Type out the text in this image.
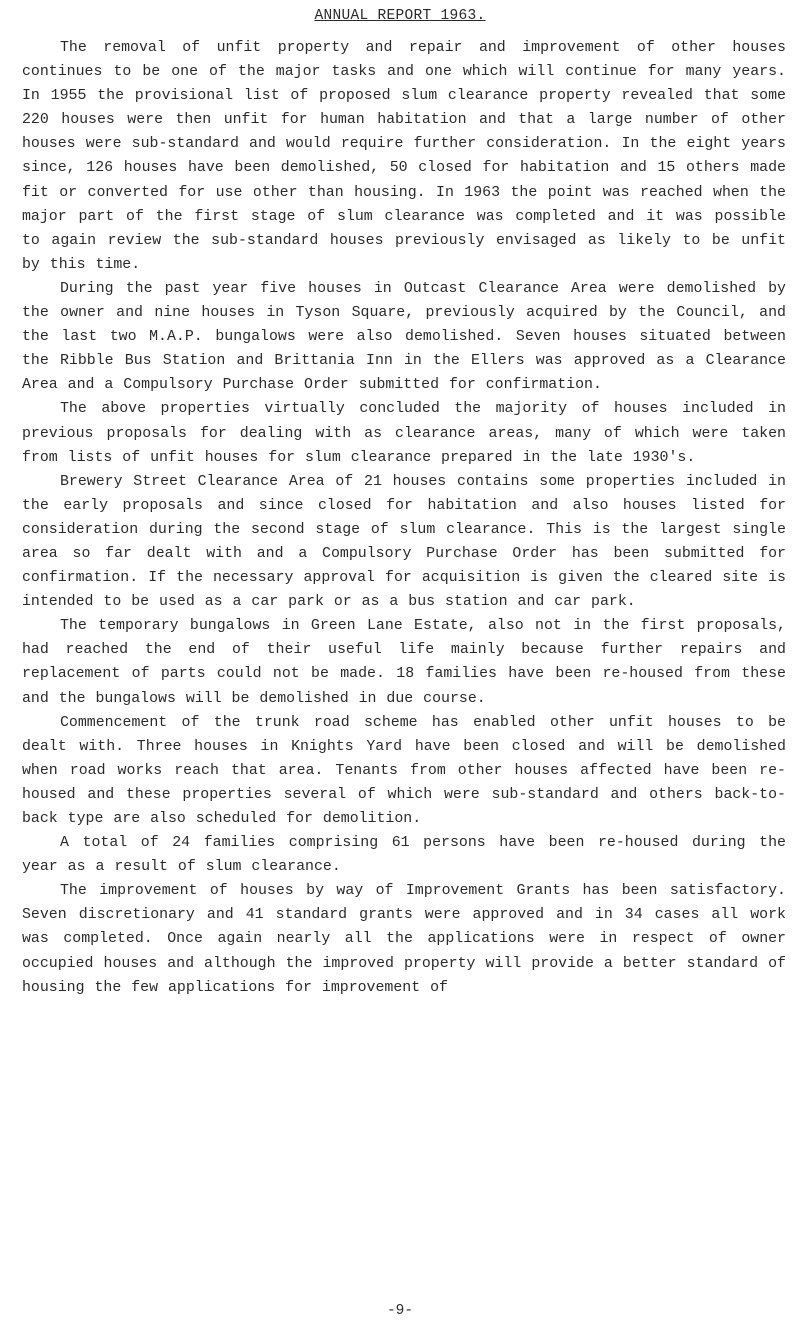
ANNUAL REPORT 1963.

The removal of unfit property and repair and improvement of other houses continues to be one of the major tasks and one which will continue for many years. In 1955 the provisional list of proposed slum clearance property revealed that some 220 houses were then unfit for human habitation and that a large number of other houses were sub-standard and would require further consideration. In the eight years since, 126 houses have been demolished, 50 closed for habitation and 15 others made fit or converted for use other than housing. In 1963 the point was reached when the major part of the first stage of slum clearance was completed and it was possible to again review the sub-standard houses previously envisaged as likely to be unfit by this time.

During the past year five houses in Outcast Clearance Area were demolished by the owner and nine houses in Tyson Square, previously acquired by the Council, and the last two M.A.P. bungalows were also demolished. Seven houses situated between the Ribble Bus Station and Brittania Inn in the Ellers was approved as a Clearance Area and a Compulsory Purchase Order submitted for confirmation.

The above properties virtually concluded the majority of houses included in previous proposals for dealing with as clearance areas, many of which were taken from lists of unfit houses for slum clearance prepared in the late 1930's.

Brewery Street Clearance Area of 21 houses contains some properties included in the early proposals and since closed for habitation and also houses listed for consideration during the second stage of slum clearance. This is the largest single area so far dealt with and a Compulsory Purchase Order has been submitted for confirmation. If the necessary approval for acquisition is given the cleared site is intended to be used as a car park or as a bus station and car park.

The temporary bungalows in Green Lane Estate, also not in the first proposals, had reached the end of their useful life mainly because further repairs and replacement of parts could not be made. 18 families have been re-housed from these and the bungalows will be demolished in due course.

Commencement of the trunk road scheme has enabled other unfit houses to be dealt with. Three houses in Knights Yard have been closed and will be demolished when road works reach that area. Tenants from other houses affected have been re-housed and these properties several of which were sub-standard and others back-to-back type are also scheduled for demolition.

A total of 24 families comprising 61 persons have been re-housed during the year as a result of slum clearance.

The improvement of houses by way of Improvement Grants has been satisfactory. Seven discretionary and 41 standard grants were approved and in 34 cases all work was completed. Once again nearly all the applications were in respect of owner occupied houses and although the improved property will provide a better standard of housing the few applications for improvement of

-9-
